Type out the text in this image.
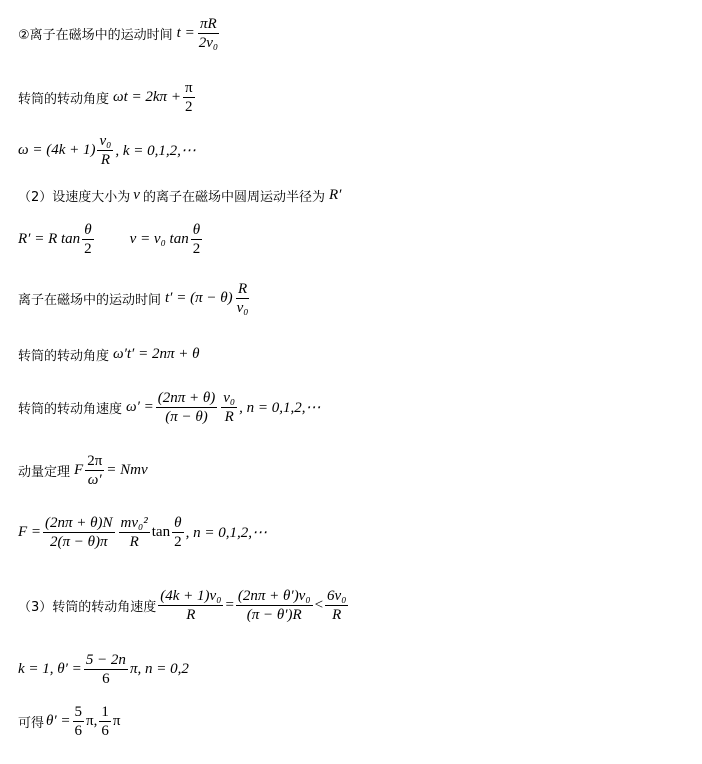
②离子在磁场中的运动时间 $t = \frac{\pi R}{\text{2v₀}}$
转筒的转动角度 $\omega t = 2k\pi + \frac{\pi}{2}$
$\omega = (4k + 1) \frac{\text{v₀}}{R}$ , k = 0,1,2,⋯
（2）设速度大小为 v 的离子在磁场中圆周运动半径为 R′
R′ = R $\tan \frac{\theta}{2}$ v = v₀ $\tan \frac{\theta}{2}$
离子在磁场中的运动时间 $t' = (\pi - \theta) \frac{R}{\text{v₀}}$
转筒的转动角度 ω′t′ = 2nπ + θ
转筒的转动角速度 $\omega' = \frac{(2n\pi + \theta)}{(\pi - \theta)} \frac{\text{v₀}}{R}$ , n = 0,1,2,⋯
动量定理 F $\frac{2\pi}{\omega'}$ = Nmv
$F = \frac{(2n\pi + \theta)N}{2(\pi - \theta)\pi} \frac{\text{mv₀²}}{R}$ $\tan \frac{\theta}{2}$ , n = 0,1,2,⋯
（3）转筒的转动角速度 $\frac{\text{(4k + 1)v₀}}{R} = \frac{\text{(2nπ + θ′)v₀}}{(\pi - \theta')R} < \frac{\text{6v₀}}{R}$
k = 1, $\theta' = \frac{5 - 2n}{6} \pi$, n = 0,2
可得 $\theta' = \frac{5}{6} \pi$, $\frac{1}{6}$ π
